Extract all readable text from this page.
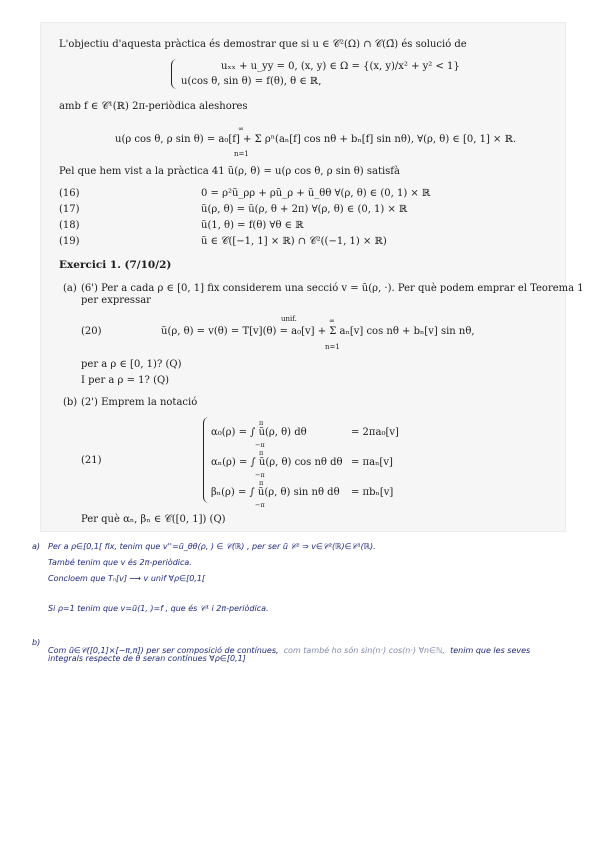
L'objectiu d'aquesta pràctica és demostrar que si u ∈ 𝒞²(Ω) ∩ 𝒞(Ω̄) és solució de
uₓₓ + u_yy = 0, (x, y) ∈ Ω = {(x, y)/x² + y² < 1}
u(cos θ, sin θ) = f(θ), θ ∈ ℝ,
amb f ∈ 𝒞¹(ℝ) 2π-periòdica aleshores
∞
u(ρ cos θ, ρ sin θ) = a₀[f] + Σ ρⁿ(aₙ[f] cos nθ + bₙ[f] sin nθ), ∀(ρ, θ) ∈ [0, 1] × ℝ.
n=1
Pel que hem vist a la pràctica 41 ũ(ρ, θ) = u(ρ cos θ, ρ sin θ) satisfà
(16)	0 = ρ²ũ_ρρ + ρũ_ρ + ũ_θθ ∀(ρ, θ) ∈ (0, 1) × ℝ
(17)	ũ(ρ, θ) = ũ(ρ, θ + 2π) ∀(ρ, θ) ∈ (0, 1) × ℝ
(18)	ũ(1, θ) = f(θ) ∀θ ∈ ℝ
(19)	ũ ∈ 𝒞([−1, 1] × ℝ) ∩ 𝒞²((−1, 1) × ℝ)
Exercici 1. (7/10/2)
(a) (6') Per a cada ρ ∈ [0, 1] fix considerem una secció v = ũ(ρ, ·). Per què podem emprar el Teorema 1
per expressar
unif.	∞
(20)	ũ(ρ, θ) = v(θ) = T[v](θ) = a₀[v] + Σ aₙ[v] cos nθ + bₙ[v] sin nθ,
n=1
per a ρ ∈ [0, 1)? (Q)
I per a ρ = 1? (Q)
(b) (2') Emprem la notació
(21)
π
α₀(ρ) = ∫ ũ(ρ, θ) dθ	= 2πa₀[v]
−π
π
αₙ(ρ) = ∫ ũ(ρ, θ) cos nθ dθ = πaₙ[v]
−π
π
βₙ(ρ) = ∫ ũ(ρ, θ) sin nθ dθ = πbₙ[v]
−π
Per què αₙ, βₙ ∈ 𝒞([0, 1]) (Q)
a) Per a ρ∈[0,1[ fix, tenim que v''=ũ_θθ(ρ, ) ∈ 𝒞(ℝ) , per ser ũ 𝒞² ⇒ v∈𝒞²(ℝ)∈𝒞¹(ℝ).
També tenim que v és 2π-periòdica.
Concloem que Tₙ[v] ⟶ v unif ∀ρ∈[0,1[
Si ρ=1 tenim que v=ũ(1, )=f , que és 𝒞¹ i 2π-periòdica.
b)
Com ũ∈𝒞([0,1]×[−π,π]) per ser composició de contínues, com també ho són sin(n·) cos(n·) ∀n∈ℕ, tenim que les seves
integrals respecte de θ seran contínues ∀ρ∈[0,1]
